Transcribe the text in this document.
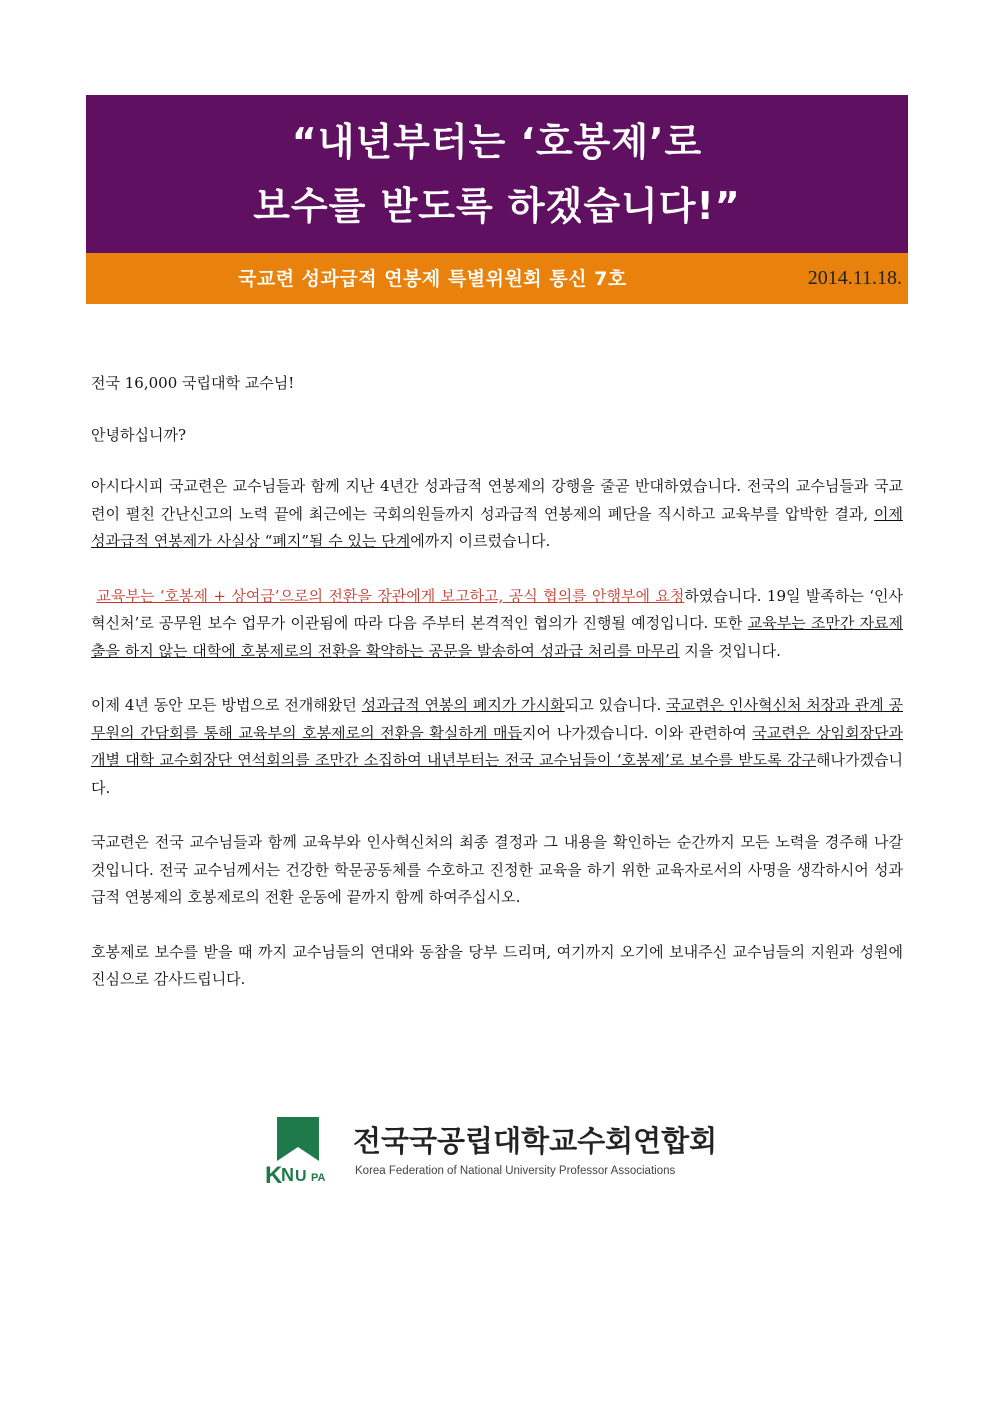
“내년부터는 ‘호봉제’로
보수를 받도록 하겠습니다!”
국교련 성과급적 연봉제 특별위원회 통신 7호	2014.11.18.

전국 16,000 국립대학 교수님!

안녕하십니까?

아시다시피 국교련은 교수님들과 함께 지난 4년간 성과급적 연봉제의 강행을 줄곧 반대하였습니다. 전국의 교수님들과 국교련이 펼친 간난신고의 노력 끝에 최근에는 국회의원들까지 성과급적 연봉제의 폐단을 직시하고 교육부를 압박한 결과, 이제 성과급적 연봉제가 사실상 “폐지”될 수 있는 단계에까지 이르렀습니다.

교육부는 ‘호봉제 + 상여금’으로의 전환을 장관에게 보고하고, 공식 협의를 안행부에 요청하였습니다. 19일 발족하는 ‘인사혁신처’로 공무원 보수 업무가 이관됨에 따라 다음 주부터 본격적인 협의가 진행될 예정입니다. 또한 교육부는 조만간 자료제출을 하지 않는 대학에 호봉제로의 전환을 확약하는 공문을 발송하여 성과급 처리를 마무리 지을 것입니다.

이제 4년 동안 모든 방법으로 전개해왔던 성과급적 연봉의 폐지가 가시화되고 있습니다. 국교련은 인사혁신처 처장과 관계 공무원의 간담회를 통해 교육부의 호봉제로의 전환을 확실하게 매듭지어 나가겠습니다. 이와 관련하여 국교련은 상임회장단과 개별 대학 교수회장단 연석회의를 조만간 소집하여 내년부터는 전국 교수님들이 ‘호봉제’로 보수를 받도록 강구해나가겠습니다.

국교련은 전국 교수님들과 함께 교육부와 인사혁신처의 최종 결정과 그 내용을 확인하는 순간까지 모든 노력을 경주해 나갈 것입니다. 전국 교수님께서는 건강한 학문공동체를 수호하고 진정한 교육을 하기 위한 교육자로서의 사명을 생각하시어 성과급적 연봉제의 호봉제로의 전환 운동에 끝까지 함께 하여주십시오.

호봉제로 보수를 받을 때 까지 교수님들의 연대와 동참을 당부 드리며, 여기까지 오기에 보내주신 교수님들의 지원과 성원에 진심으로 감사드립니다.

K
N U PA
전국국공립대학교수회연합회
Korea Federation of National University Professor Associations
